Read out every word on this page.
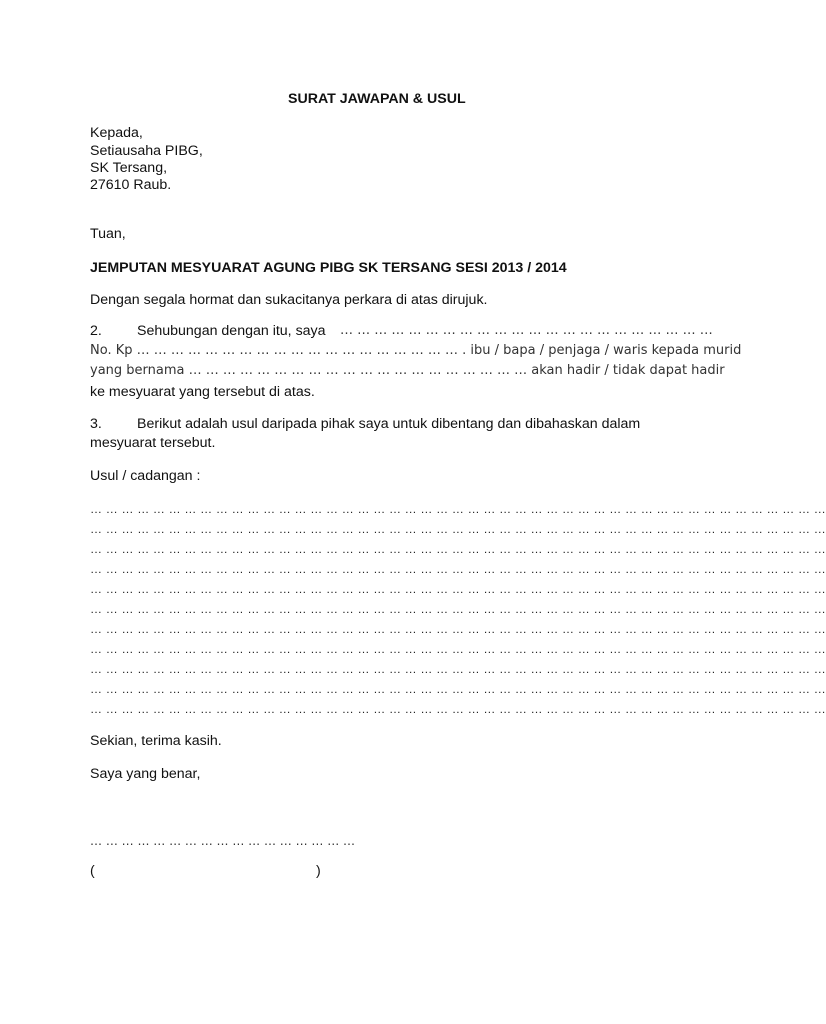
SURAT JAWAPAN & USUL
Kepada,
Setiausaha PIBG,
SK Tersang,
27610 Raub.
Tuan,
JEMPUTAN MESYUARAT AGUNG PIBG SK TERSANG SESI 2013 / 2014
Dengan segala hormat dan sukacitanya perkara di atas dirujuk.
2. Sehubungan dengan itu, saya … … … … … … … … … … … … … … … … … … … … … …
No. Kp … … … … … … … … … … … … … … … … … … … . ibu / bapa / penjaga / waris kepada murid
yang bernama … … … … … … … … … … … … … … … … … … … … akan hadir / tidak dapat hadir
ke mesyuarat yang tersebut di atas.
3. Berikut adalah usul daripada pihak saya untuk dibentang dan dibahaskan dalam
mesyuarat tersebut.
Usul / cadangan :
… … … … … … … … … … … … … … … … … … … … … … … … … … … … … … … … … … … … … … … … … … … … … … …
… … … … … … … … … … … … … … … … … … … … … … … … … … … … … … … … … … … … … … … … … … … … … … …
… … … … … … … … … … … … … … … … … … … … … … … … … … … … … … … … … … … … … … … … … … … … … … …
… … … … … … … … … … … … … … … … … … … … … … … … … … … … … … … … … … … … … … … … … … … … … … …
… … … … … … … … … … … … … … … … … … … … … … … … … … … … … … … … … … … … … … … … … … … … … … …
… … … … … … … … … … … … … … … … … … … … … … … … … … … … … … … … … … … … … … … … … … … … … … …
… … … … … … … … … … … … … … … … … … … … … … … … … … … … … … … … … … … … … … … … … … … … … … …
… … … … … … … … … … … … … … … … … … … … … … … … … … … … … … … … … … … … … … … … … … … … … … …
… … … … … … … … … … … … … … … … … … … … … … … … … … … … … … … … … … … … … … … … … … … … … … …
… … … … … … … … … … … … … … … … … … … … … … … … … … … … … … … … … … … … … … … … … … … … … … …
… … … … … … … … … … … … … … … … … … … … … … … … … … … … … … … … … … … … … … … … … … … … … … …
Sekian, terima kasih.
Saya yang benar,
… … … … … … … … … … … … … … … … …
(	)
